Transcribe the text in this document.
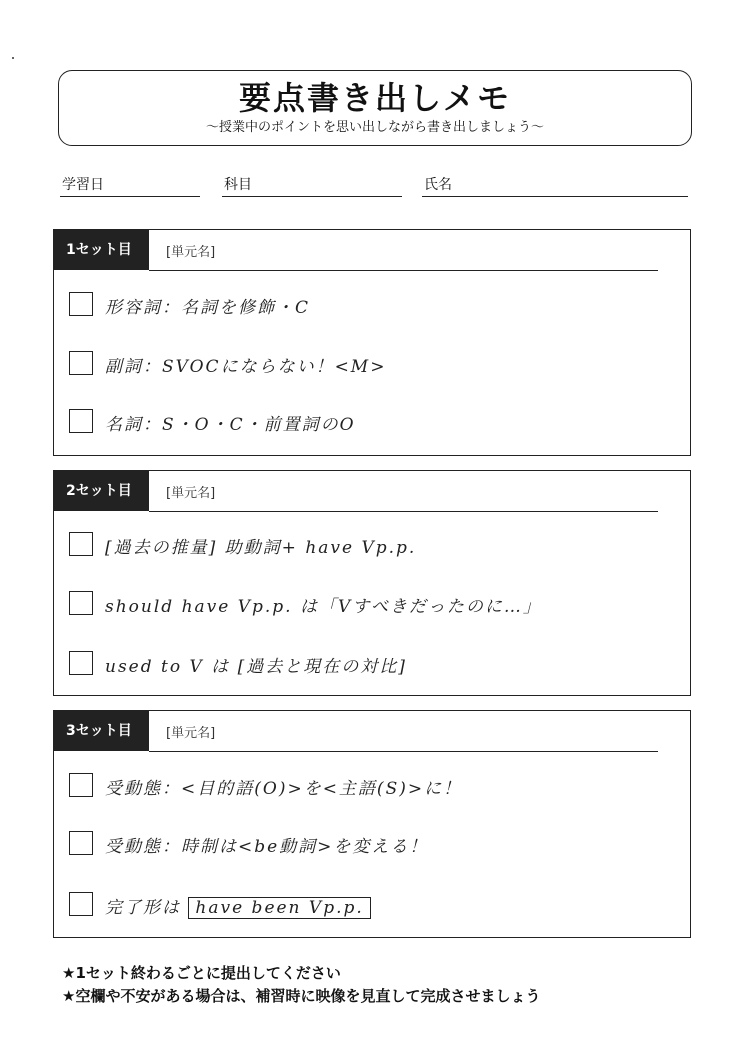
要点書き出しメモ
〜授業中のポイントを思い出しながら書き出しましょう〜
学習日	科目	氏名
1セット目	[単元名]
形容詞：名詞を修飾・C
副詞：SVOCにならない！<M>
名詞：S・O・C・前置詞のO
2セット目	[単元名]
[過去の推量] 助動詞+ have Vp.p.
should have Vp.p. は「Vすべきだったのに…」
used to V は [過去と現在の対比]
3セット目	[単元名]
受動態：<目的語(O)>を<主語(S)>に！
受動態：時制は<be動詞>を変える！
完了形は have been Vp.p.
★1セット終わるごとに提出してください
★空欄や不安がある場合は、補習時に映像を見直して完成させましょう
